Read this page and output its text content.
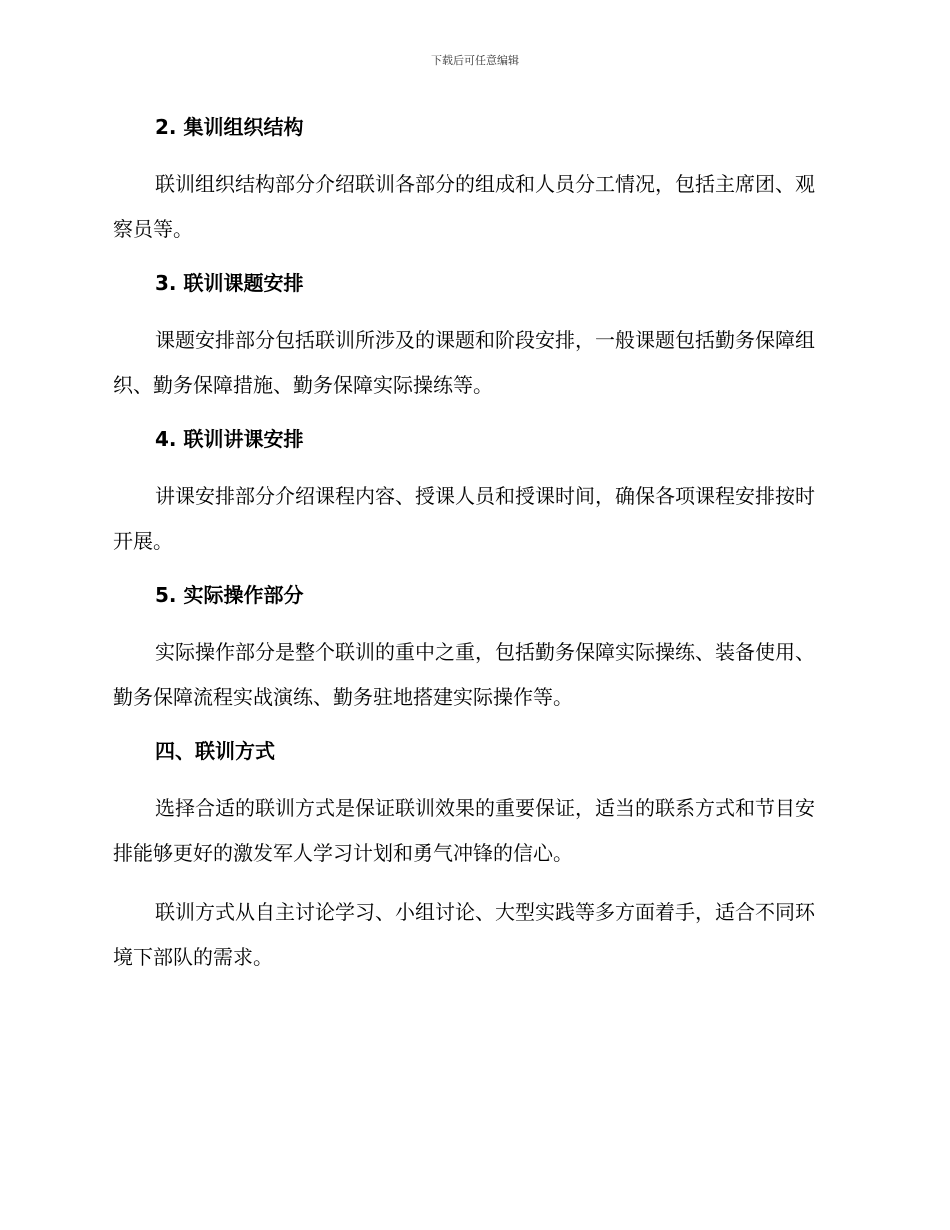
下载后可任意编辑
2. 集训组织结构

联训组织结构部分介绍联训各部分的组成和人员分工情况，包括主席团、观察员等。

3. 联训课题安排

课题安排部分包括联训所涉及的课题和阶段安排，一般课题包括勤务保障组织、勤务保障措施、勤务保障实际操练等。

4. 联训讲课安排

讲课安排部分介绍课程内容、授课人员和授课时间，确保各项课程安排按时开展。

5. 实际操作部分

实际操作部分是整个联训的重中之重，包括勤务保障实际操练、装备使用、勤务保障流程实战演练、勤务驻地搭建实际操作等。

四、联训方式

选择合适的联训方式是保证联训效果的重要保证，适当的联系方式和节目安排能够更好的激发军人学习计划和勇气冲锋的信心。

联训方式从自主讨论学习、小组讨论、大型实践等多方面着手，适合不同环境下部队的需求。
